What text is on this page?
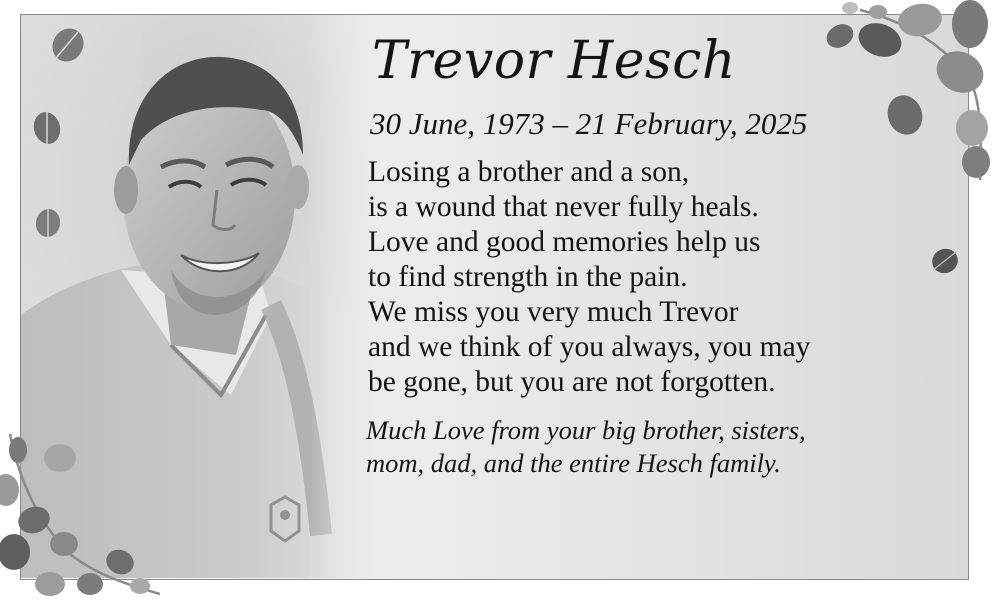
Trevor Hesch
30 June, 1973 – 21 February, 2025
Losing a brother and a son,
is a wound that never fully heals.
Love and good memories help us
to find strength in the pain.
We miss you very much Trevor
and we think of you always, you may
be gone, but you are not forgotten.
Much Love from your big brother, sisters,
mom, dad, and the entire Hesch family.
